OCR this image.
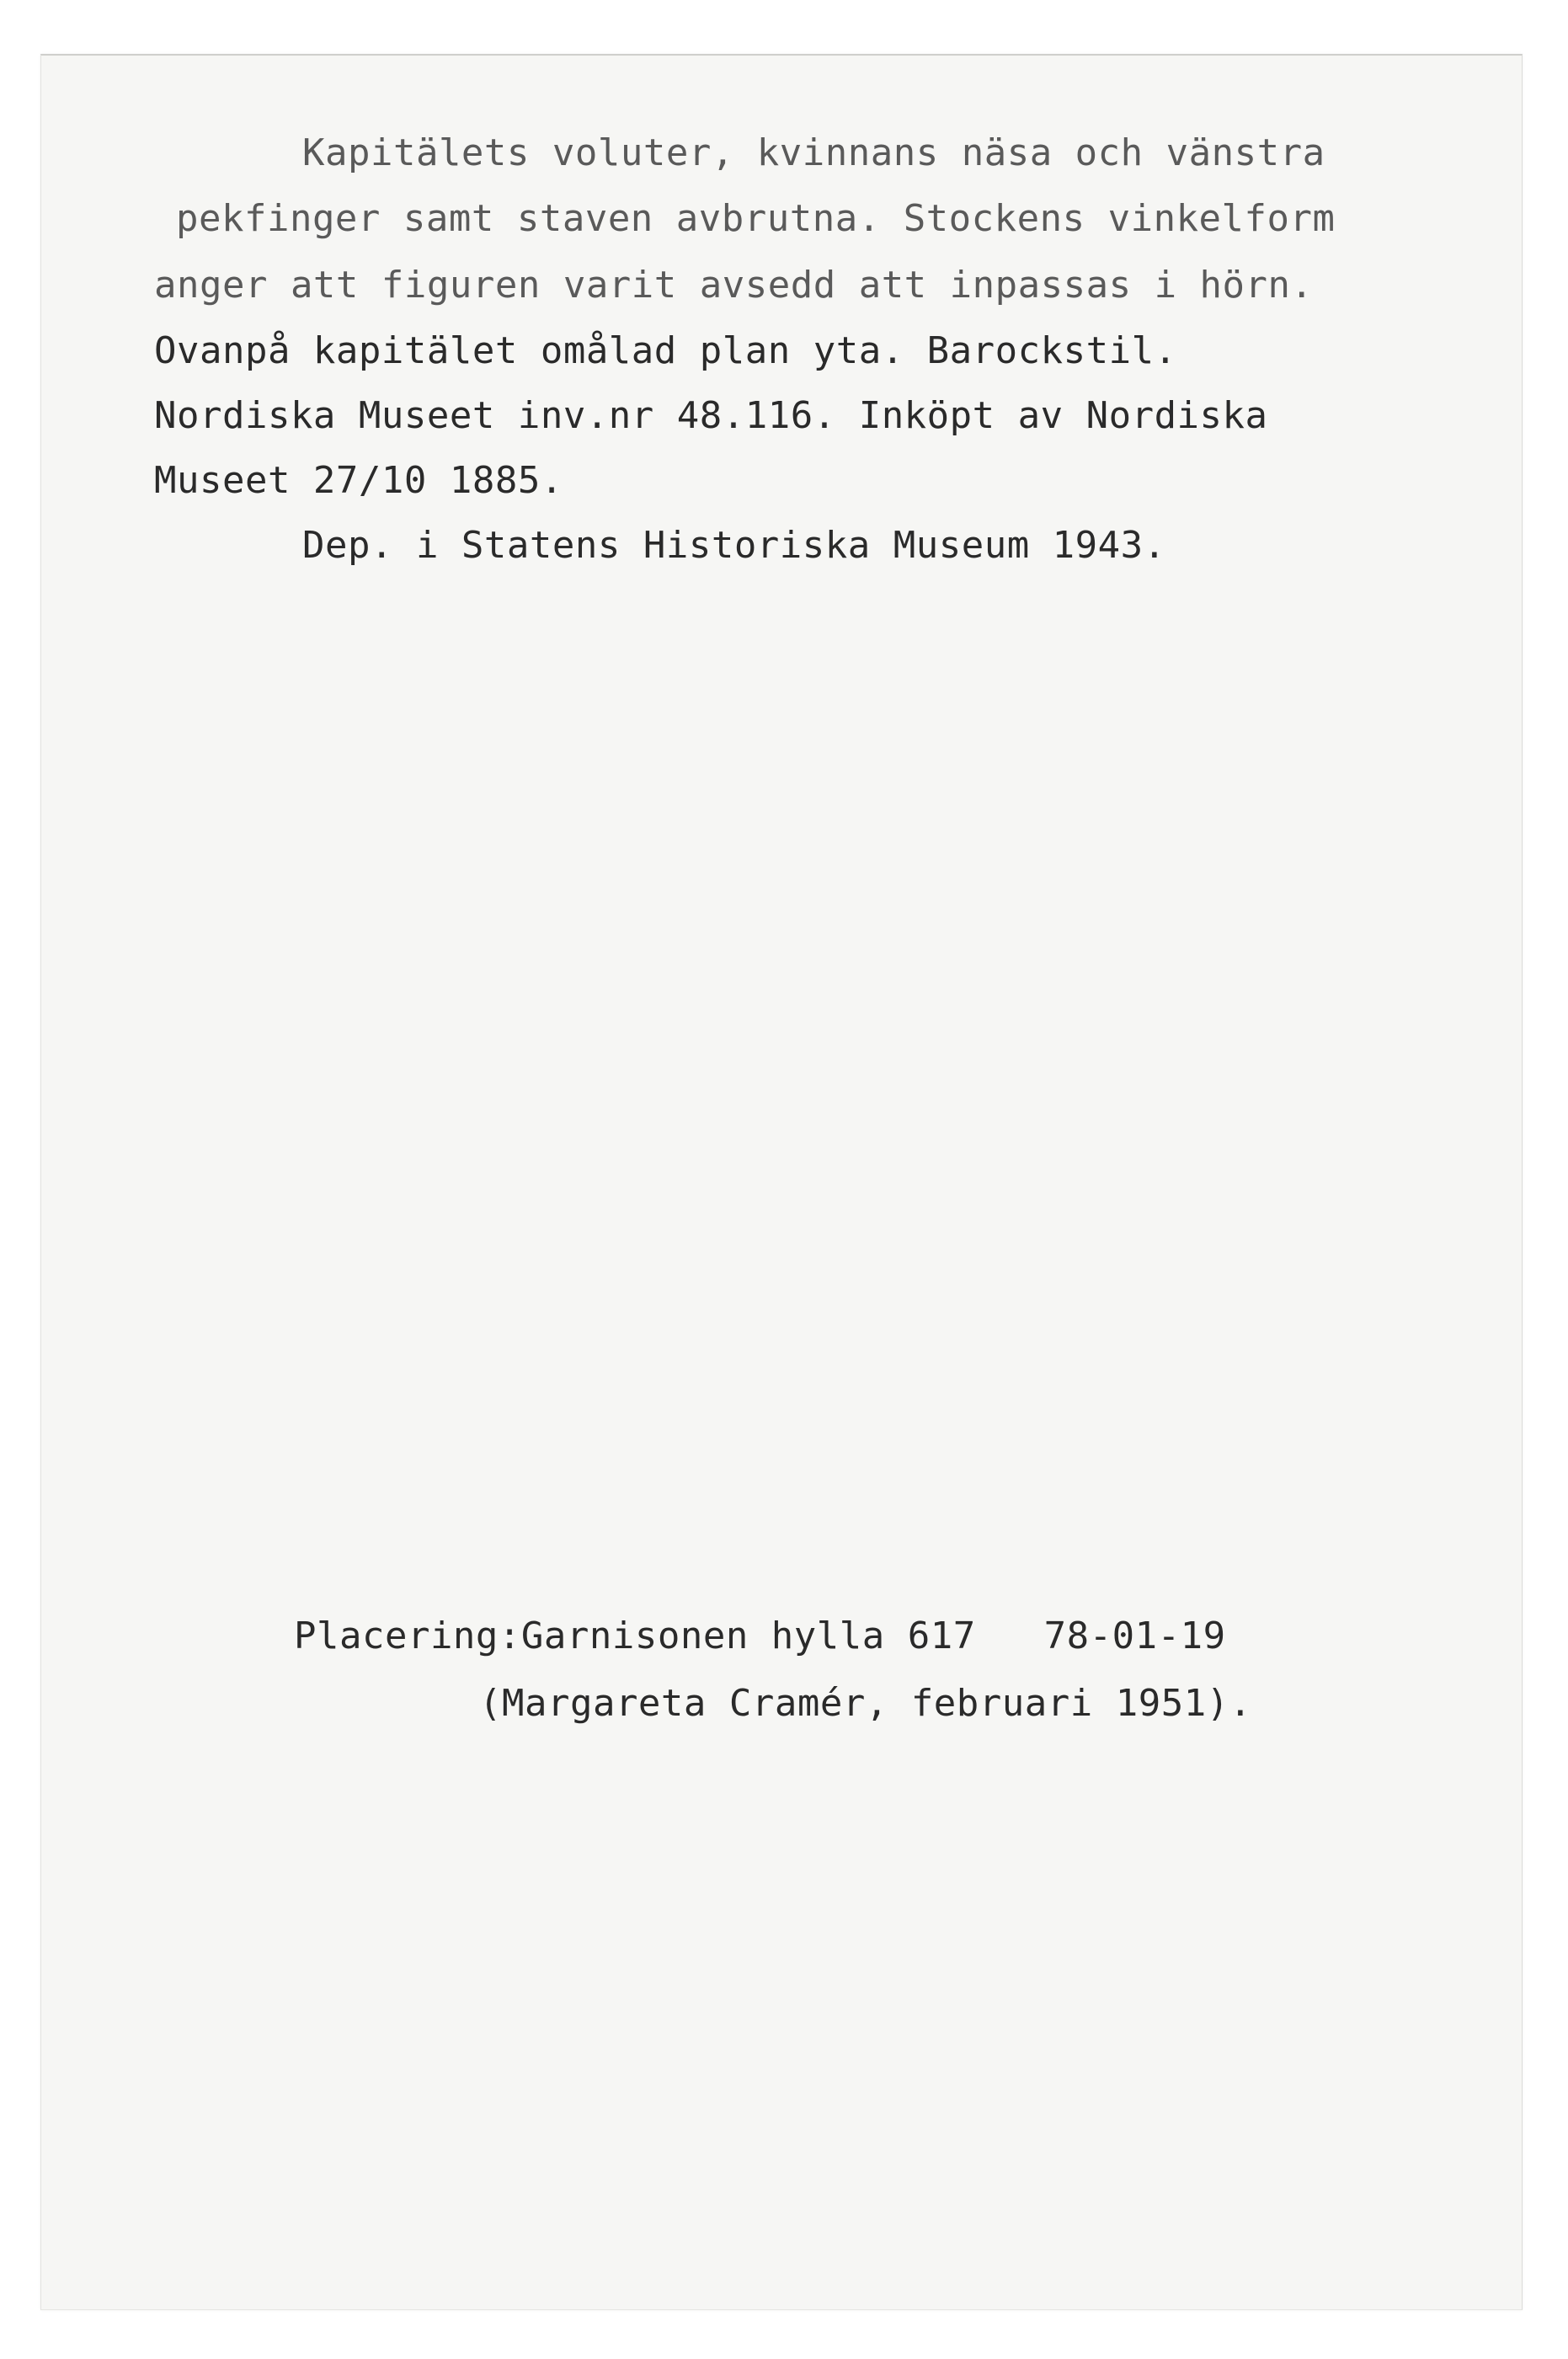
Kapitälets voluter, kvinnans näsa och vänstra

pekfinger samt staven avbrutna. Stockens vinkelform

anger att figuren varit avsedd att inpassas i hörn.

Ovanpå kapitälet omålad plan yta. Barockstil.

Nordiska Museet inv.nr 48.116. Inköpt av Nordiska

Museet 27/10 1885.

Dep. i Statens Historiska Museum 1943.

Placering:Garnisonen hylla 617   78-01-19

(Margareta Cramér, februari 1951).
